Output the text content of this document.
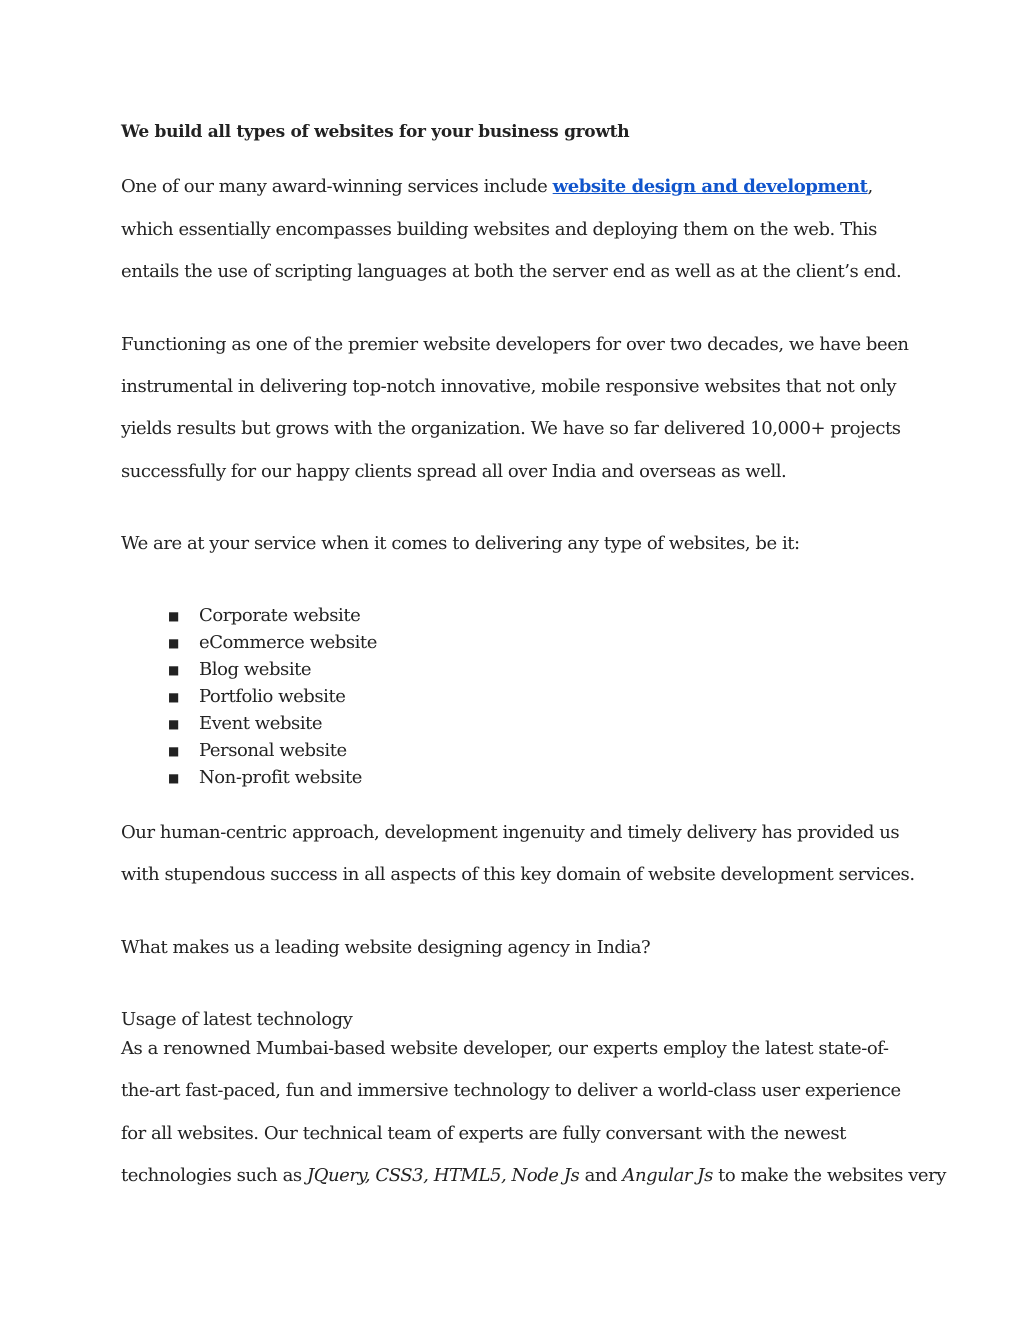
We build all types of websites for your business growth

One of our many award-winning services include website design and development,

which essentially encompasses building websites and deploying them on the web. This

entails the use of scripting languages at both the server end as well as at the client’s end.

Functioning as one of the premier website developers for over two decades, we have been

instrumental in delivering top-notch innovative, mobile responsive websites that not only

yields results but grows with the organization. We have so far delivered 10,000+ projects

successfully for our happy clients spread all over India and overseas as well.

We are at your service when it comes to delivering any type of websites, be it:

■	Corporate website
■	eCommerce website
■	Blog website
■	Portfolio website
■	Event website
■	Personal website
■	Non-profit website

Our human-centric approach, development ingenuity and timely delivery has provided us

with stupendous success in all aspects of this key domain of website development services.

What makes us a leading website designing agency in India?

Usage of latest technology

As a renowned Mumbai-based website developer, our experts employ the latest state-of-

the-art fast-paced, fun and immersive technology to deliver a world-class user experience

for all websites. Our technical team of experts are fully conversant with the newest

technologies such as JQuery, CSS3, HTML5, Node Js and Angular Js to make the websites very
